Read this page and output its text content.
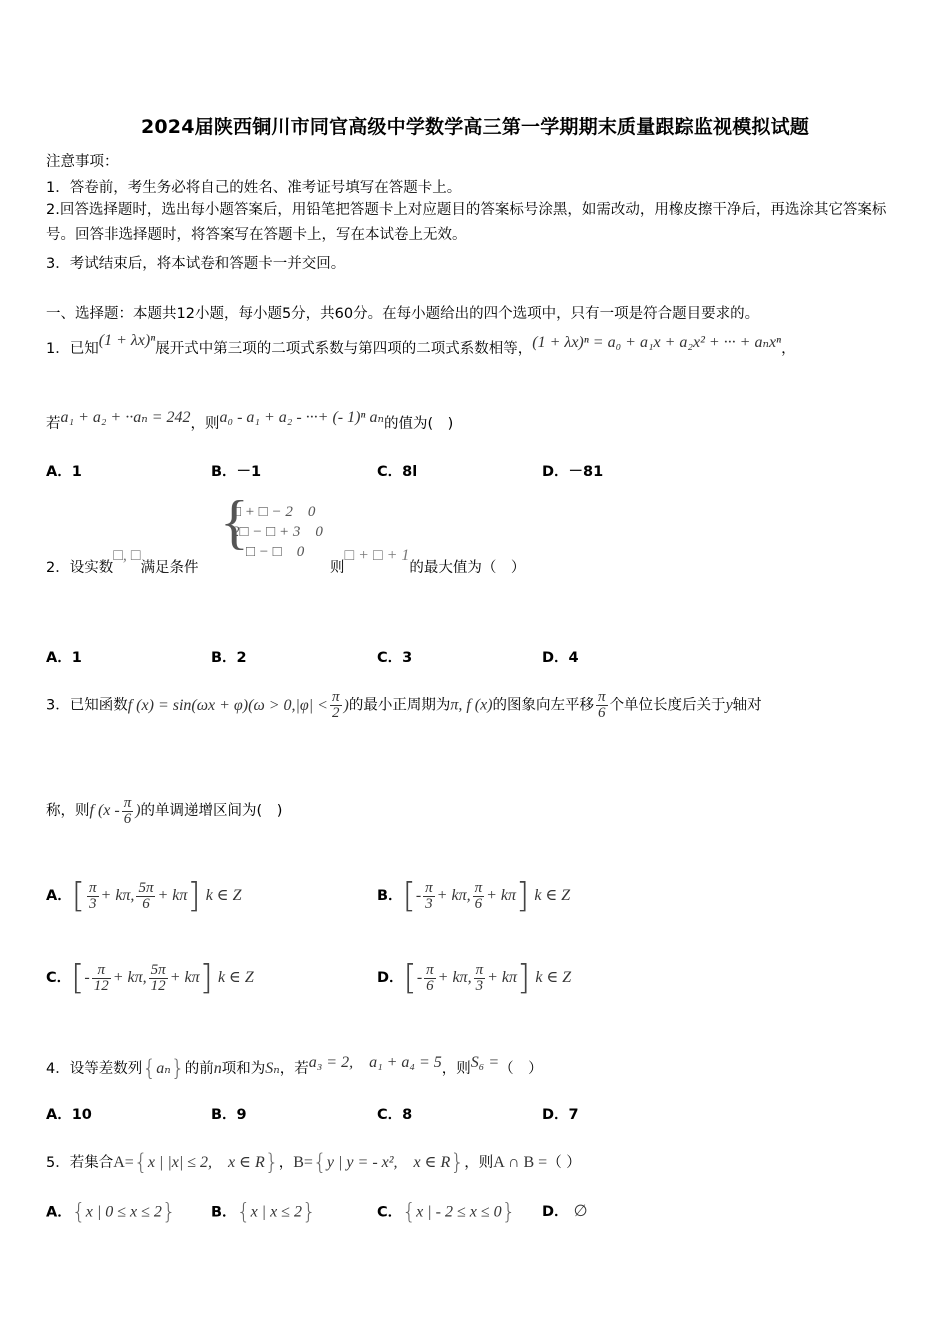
2024届陕西铜川市同官高级中学数学高三第一学期期末质量跟踪监视模拟试题
注意事项：
1．答卷前，考生务必将自己的姓名、准考证号填写在答题卡上。
2.回答选择题时，选出每小题答案后，用铅笔把答题卡上对应题目的答案标号涂黑，如需改动，用橡皮擦干净后，再选涂其它答案标号。回答非选择题时，将答案写在答题卡上，写在本试卷上无效。
3．考试结束后，将本试卷和答题卡一并交回。
一、选择题：本题共12小题，每小题5分，共60分。在每小题给出的四个选项中，只有一项是符合题目要求的。
1．已知(1 + λx)ⁿ展开式中第三项的二项式系数与第四项的二项式系数相等，(1 + λx)ⁿ = a₀ + a₁x + a₂x² + ··· + aₙxⁿ，
若a₁ + a₂ + ··aₙ = 242，则a₀ - a₁ + a₂ - ···+ (- 1)ⁿ aₙ的值为(　)
A．1	B．－1	C．8l	D．－81
2．设实数□, □满足条件
{
□ + □ − 2　0
2□ − □ + 3　0
□ − □　0
则□ + □ + 1的最大值为（　）
A．1	B．2	C．3	D．4
3．已知函数f $(x) = \sin(\omega x + \varphi)(\omega > 0,|\varphi| < \frac{\pi}{2}$ )的最小正周期为π, f (x)的图象向左平移 $\frac{\pi}{6}$ 个单位长度后关于y轴对
称，则f ($x - \frac{\pi}{6}$ )的单调递增区间为(　)
A．[ $\frac{\pi}{3} + k\pi$, $\frac{5\pi}{6} + k\pi$] k ∈ Z	B．[- $\frac{\pi}{3} + k\pi$, $\frac{\pi}{6} + k\pi$] k ∈ Z
C．[- $\frac{\pi}{12} + k\pi$, $\frac{5\pi}{12} + k\pi$] k ∈ Z	D．[- $\frac{\pi}{6} + k\pi$, $\frac{\pi}{3} + k\pi$] k ∈ Z
4．设等差数列{aₙ}的前n项和为Sₙ，若a₃ = 2,　a₁ + a₄ = 5，则S₆ =（　）
A．10	B．9	C．8	D．7
5．若集合A={x | |x| ≤ 2,　x ∈ R}，B={y | y = - x²,　x ∈ R}，则A ∩ B =（ ）
A．{x | 0 ≤ x ≤ 2} B．{x | x ≤ 2}	C．{x | - 2 ≤ x ≤ 0} D． ∅
